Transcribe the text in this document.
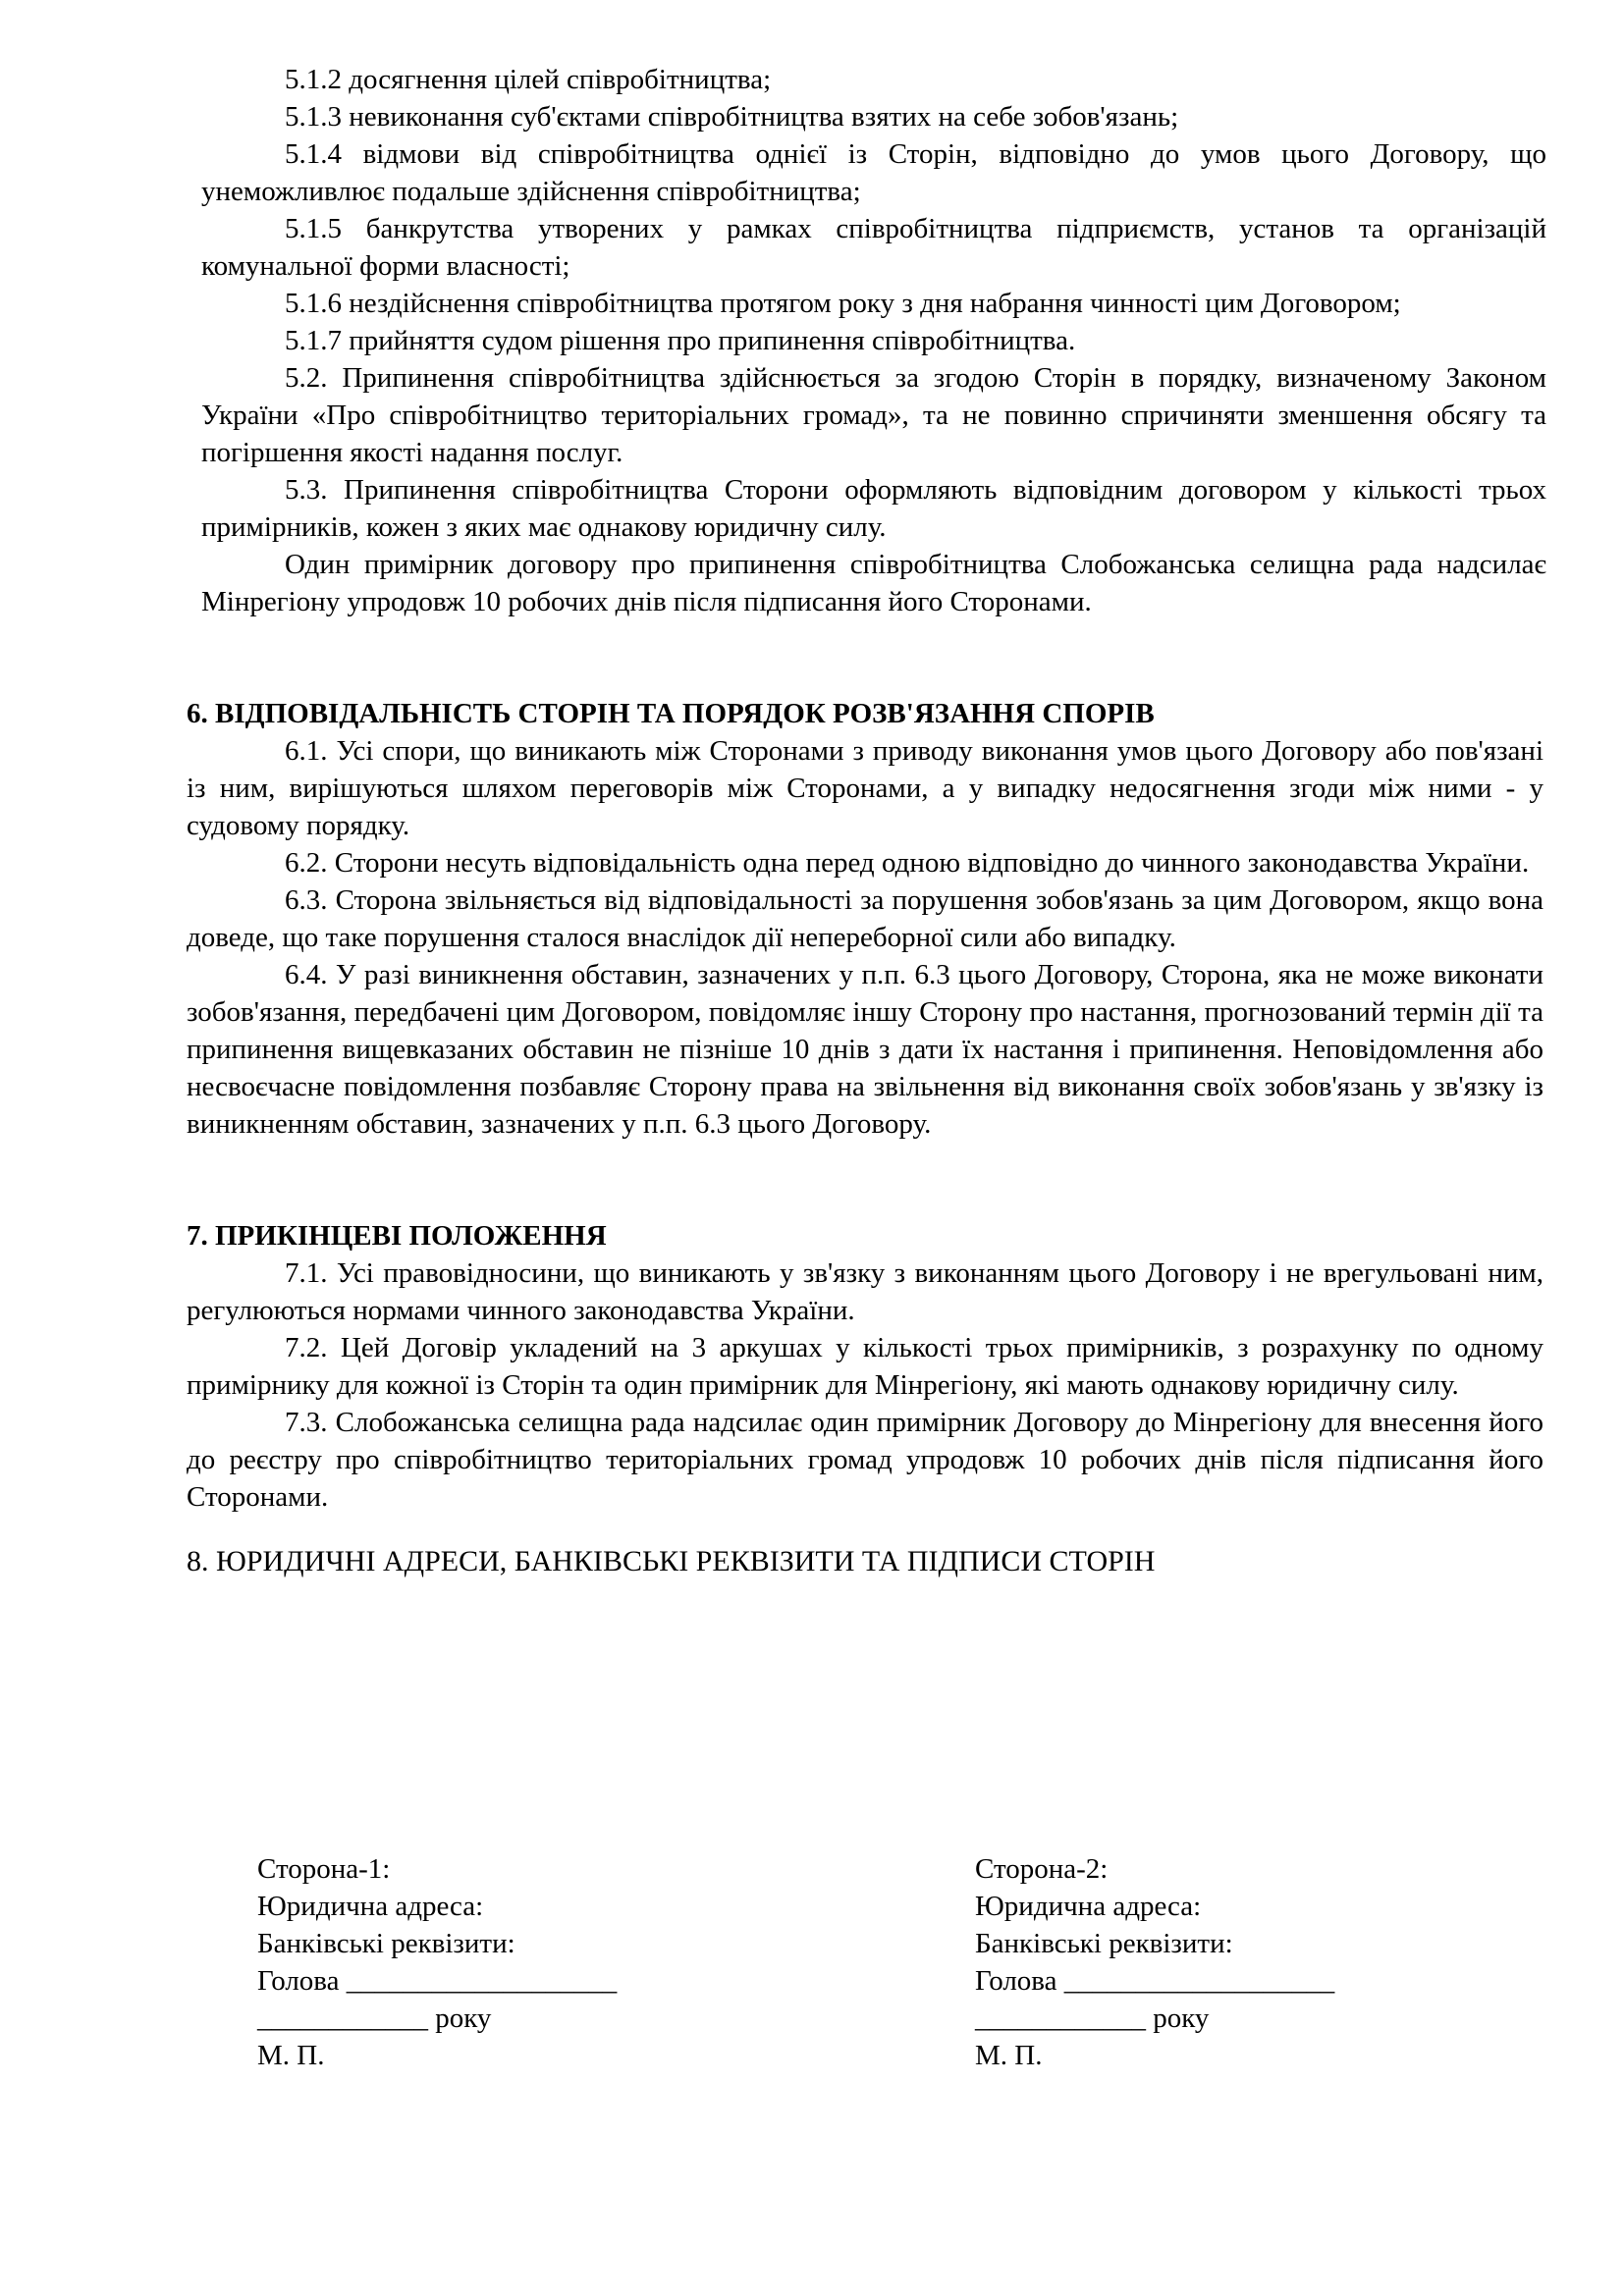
5.1.2 досягнення цілей співробітництва;

5.1.3 невиконання суб'єктами співробітництва взятих на себе зобов'язань;

5.1.4 відмови від співробітництва однієї із Сторін, відповідно до умов цього Договору, що унеможливлює подальше здійснення співробітництва;

5.1.5 банкрутства утворених у рамках співробітництва підприємств, установ та організацій комунальної форми власності;

5.1.6 нездійснення співробітництва протягом року з дня набрання чинності цим Договором;

5.1.7 прийняття судом рішення про припинення співробітництва.

5.2. Припинення співробітництва здійснюється за згодою Сторін в порядку, визначеному Законом України «Про співробітництво територіальних громад», та не повинно спричиняти зменшення обсягу та погіршення якості надання послуг.

5.3. Припинення співробітництва Сторони оформляють відповідним договором у кількості трьох примірників, кожен з яких має однакову юридичну силу.

Один примірник договору про припинення співробітництва Слобожанська селищна рада надсилає Мінрегіону упродовж 10 робочих днів після підписання його Сторонами.

6. ВІДПОВІДАЛЬНІСТЬ СТОРІН ТА ПОРЯДОК РОЗВ'ЯЗАННЯ СПОРІВ

6.1. Усі спори, що виникають між Сторонами з приводу виконання умов цього Договору або пов'язані із ним, вирішуються шляхом переговорів між Сторонами, а у випадку недосягнення згоди між ними - у судовому порядку.

6.2. Сторони несуть відповідальність одна перед одною відповідно до чинного законодавства України.

6.3. Сторона звільняється від відповідальності за порушення зобов'язань за цим Договором, якщо вона доведе, що таке порушення сталося внаслідок дії непереборної сили або випадку.

6.4. У разі виникнення обставин, зазначених у п.п. 6.3 цього Договору, Сторона, яка не може виконати зобов'язання, передбачені цим Договором, повідомляє іншу Сторону про настання, прогнозований термін дії та припинення вищевказаних обставин не пізніше 10 днів з дати їх настання і припинення. Неповідомлення або несвоєчасне повідомлення позбавляє Сторону права на звільнення від виконання своїх зобов'язань у зв'язку із виникненням обставин, зазначених у п.п. 6.3 цього Договору.

7. ПРИКІНЦЕВІ ПОЛОЖЕННЯ

7.1. Усі правовідносини, що виникають у зв'язку з виконанням цього Договору і не врегульовані ним, регулюються нормами чинного законодавства України.

7.2. Цей Договір укладений на 3 аркушах у кількості трьох примірників, з розрахунку по одному примірнику для кожної із Сторін та один примірник для Мінрегіону, які мають однакову юридичну силу.

7.3. Слобожанська селищна рада надсилає один примірник Договору до Мінрегіону для внесення його до реєстру про співробітництво територіальних громад упродовж 10 робочих днів після підписання його Сторонами.

8. ЮРИДИЧНІ АДРЕСИ, БАНКІВСЬКІ РЕКВІЗИТИ ТА ПІДПИСИ СТОРІН

Сторона-1:
Юридична адреса:
Банківські реквізити:
Голова ___________________
____________ року
М. П.
Сторона-2:
Юридична адреса:
Банківські реквізити:
Голова ___________________
____________ року
М. П.
